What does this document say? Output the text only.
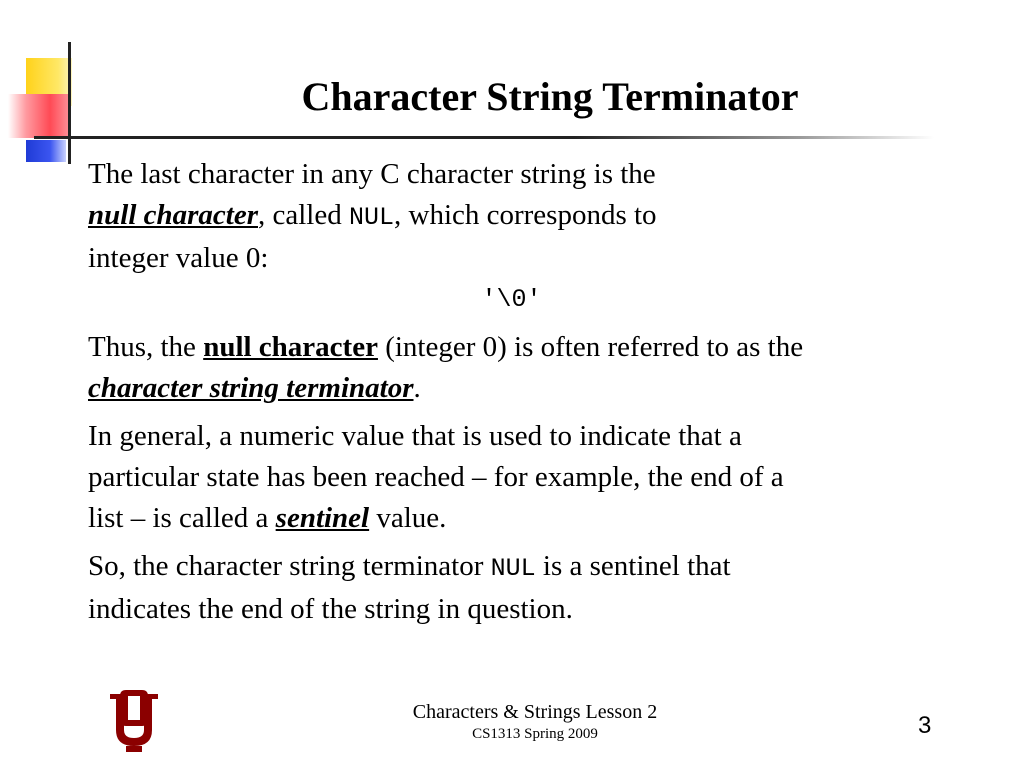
Character String Terminator
The last character in any C character string is the
null character, called NUL, which corresponds to
integer value 0:
'\0'
Thus, the null character (integer 0) is often referred to as the
character string terminator.
In general, a numeric value that is used to indicate that a
particular state has been reached – for example, the end of a
list – is called a sentinel value.
So, the character string terminator NUL is a sentinel that
indicates the end of the string in question.
Characters & Strings Lesson 2
CS1313 Spring 2009	3
